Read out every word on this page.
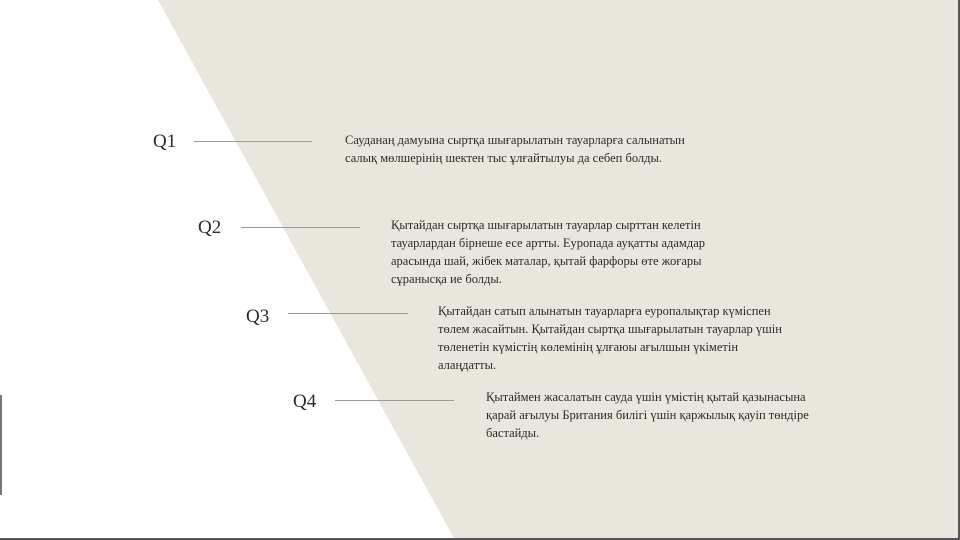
Q1	Сауданаң дамуына сыртқа шығарылатын тауарларға салынатын
салық мөлшерінің шектен тыс ұлғайтылуы да себеп болды.
Q2	Қытайдан сыртқа шығарылатын тауарлар сырттан келетін
тауарлардан бірнеше есе артты. Еуропада ауқатты адамдар
арасында шай, жібек маталар, қытай фарфоры өте жоғары
сұранысқа ие болды.
Q3	Қытайдан сатып алынатын тауарларға еуропалықтар күміспен
төлем жасайтын. Қытайдан сыртқа шығарылатын тауарлар үшін
төленетін күмістің көлемінің ұлғаюы ағылшын үкіметін
алаңдатты.
Q4	Қытаймен жасалатын сауда үшін үмістің қытай қазынасына
қарай ағылуы Британия билігі үшін қаржылық қауіп төндіре
бастайды.
